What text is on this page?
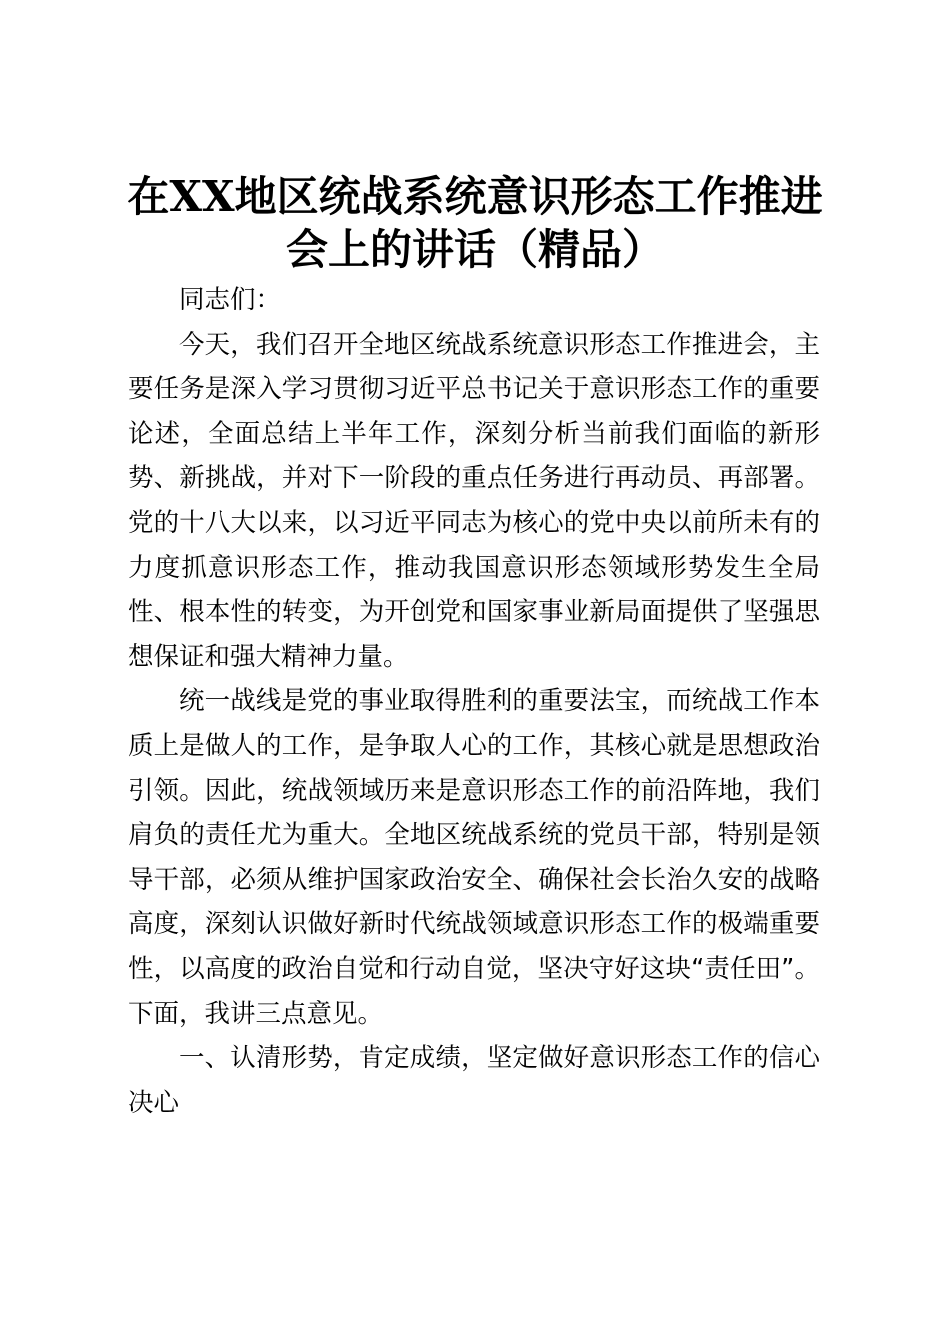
在XX地区统战系统意识形态工作推进
会上的讲话（精品）

同志们：

今天，我们召开全地区统战系统意识形态工作推进会，主要任务是深入学习贯彻习近平总书记关于意识形态工作的重要论述，全面总结上半年工作，深刻分析当前我们面临的新形势、新挑战，并对下一阶段的重点任务进行再动员、再部署。党的十八大以来，以习近平同志为核心的党中央以前所未有的力度抓意识形态工作，推动我国意识形态领域形势发生全局性、根本性的转变，为开创党和国家事业新局面提供了坚强思想保证和强大精神力量。

统一战线是党的事业取得胜利的重要法宝，而统战工作本质上是做人的工作，是争取人心的工作，其核心就是思想政治引领。因此，统战领域历来是意识形态工作的前沿阵地，我们肩负的责任尤为重大。全地区统战系统的党员干部，特别是领导干部，必须从维护国家政治安全、确保社会长治久安的战略高度，深刻认识做好新时代统战领域意识形态工作的极端重要性，以高度的政治自觉和行动自觉，坚决守好这块“责任田”。下面，我讲三点意见。

一、认清形势，肯定成绩，坚定做好意识形态工作的信心决心
